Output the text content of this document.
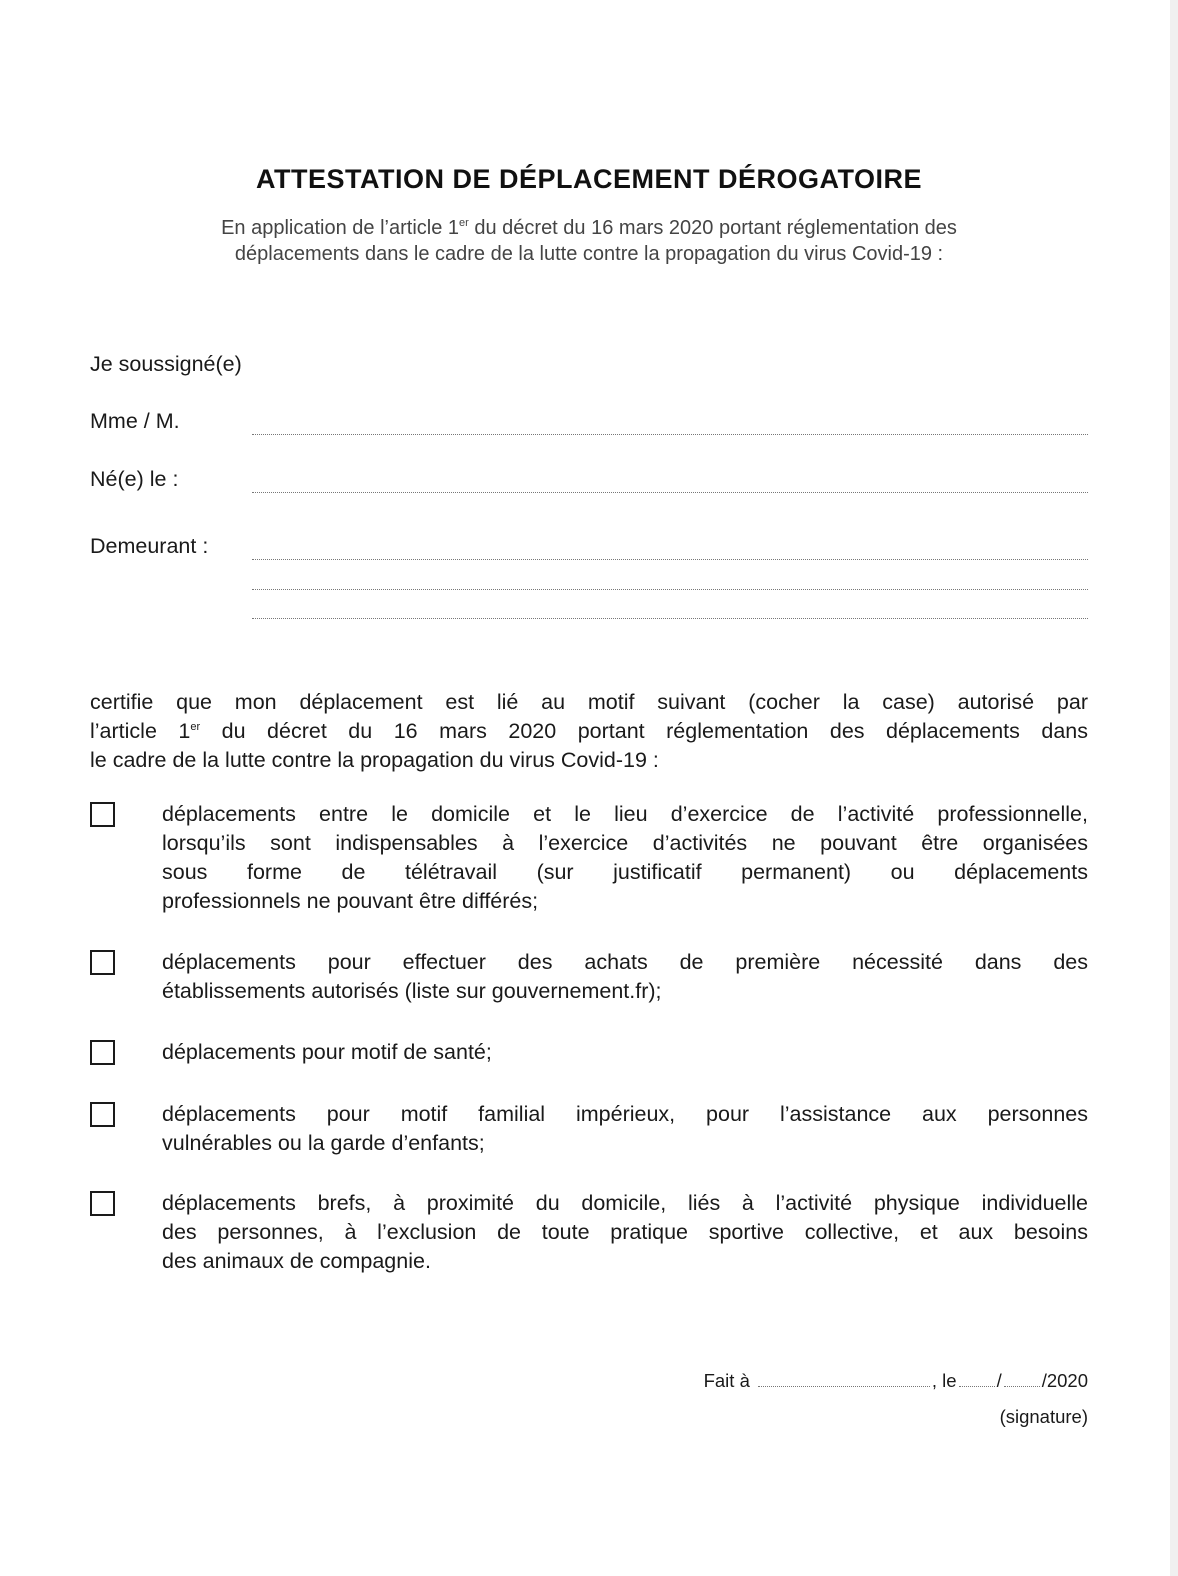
ATTESTATION DE DÉPLACEMENT DÉROGATOIRE
En application de l’article 1er du décret du 16 mars 2020 portant réglementation des
déplacements dans le cadre de la lutte contre la propagation du virus Covid-19 :
Je soussigné(e)
Mme / M.
Né(e) le :
Demeurant :
certifie que mon déplacement est lié au motif suivant (cocher la case) autorisé par
l’article 1er du décret du 16 mars 2020 portant réglementation des déplacements dans
le cadre de la lutte contre la propagation du virus Covid-19 :
déplacements entre le domicile et le lieu d’exercice de l’activité professionnelle,
lorsqu’ils sont indispensables à l’exercice d’activités ne pouvant être organisées
sous forme de télétravail (sur justificatif permanent) ou déplacements
professionnels ne pouvant être différés;
déplacements pour effectuer des achats de première nécessité dans des
établissements autorisés (liste sur gouvernement.fr);
déplacements pour motif de santé;
déplacements pour motif familial impérieux, pour l’assistance aux personnes
vulnérables ou la garde d’enfants;
déplacements brefs, à proximité du domicile, liés à l’activité physique individuelle
des personnes, à l’exclusion de toute pratique sportive collective, et aux besoins
des animaux de compagnie.
Fait à	, le / /2020
(signature)
